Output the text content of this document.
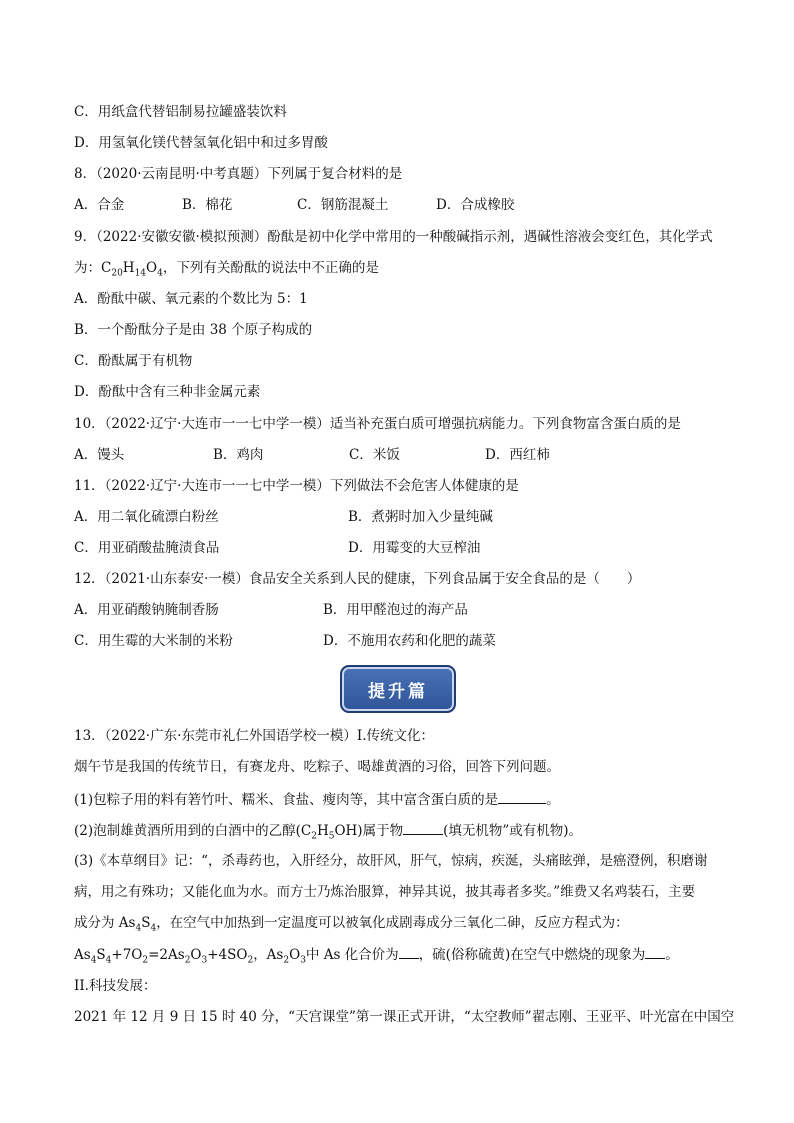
C．用纸盒代替铝制易拉罐盛装饮料
D．用氢氧化镁代替氢氧化铝中和过多胃酸
8．（2020·云南昆明·中考真题）下列属于复合材料的是
A．合金	B．棉花	C．钢筋混凝土	D．合成橡胶
9．（2022·安徽安徽·模拟预测）酚酞是初中化学中常用的一种酸碱指示剂，遇碱性溶液会变红色，其化学式
为：$C_{20}H_{14}O_4$，下列有关酚酞的说法中不正确的是
A．酚酞中碳、氧元素的个数比为 5：1
B．一个酚酞分子是由 38 个原子构成的
C．酚酞属于有机物
D．酚酞中含有三种非金属元素
10．（2022·辽宁·大连市一一七中学一模）适当补充蛋白质可增强抗病能力。下列食物富含蛋白质的是
A．馒头	B．鸡肉	C．米饭	D．西红柿
11．（2022·辽宁·大连市一一七中学一模）下列做法不会危害人体健康的是
A．用二氧化硫漂白粉丝	B．煮粥时加入少量纯碱
C．用亚硝酸盐腌渍食品	D．用霉变的大豆榨油
12．（2021·山东泰安·一模）食品安全关系到人民的健康，下列食品属于安全食品的是（　　）
A．用亚硝酸钠腌制香肠	B．用甲醛泡过的海产品
C．用生霉的大米制的米粉	D．不施用农药和化肥的蔬菜
提升篇
13．（2022·广东·东莞市礼仁外国语学校一模）I.传统文化：
烟午节是我国的传统节日，有赛龙舟、吃粽子、喝雄黄酒的习俗，回答下列问题。
(1)包粽子用的料有箬竹叶、糯米、食盐、瘦肉等，其中富含蛋白质的是	。
(2)泡制雄黄酒所用到的白酒中的乙醇$(C_2H_5OH)$属于物	(填无机物”或有机物)。
(3)《本草纲目》记：“，杀毒药也，入肝经分，故肝风，肝气，惊病，疾涎，头痛眩弹，是癌澄例，积磨谢
病，用之有殊功；又能化血为水。而方士乃炼治服算，神异其说，披其毒者多奖。”维费又名鸡装石，主要
成分为 $As_4S_4$，在空气中加热到一定温度可以被氧化成剧毒成分三氧化二砷，反应方程式为：
$As_4S_4+7O_2=2As_2O_3+4SO_2$，$As_2O_3$中 As 化合价为 ，硫(俗称硫黄)在空气中燃烧的现象为 。
II.科技发展：
2021 年 12 月 9 日 15 时 40 分，“天宫课堂”第一课正式开讲，“太空教师”翟志刚、王亚平、叶光富在中国空
